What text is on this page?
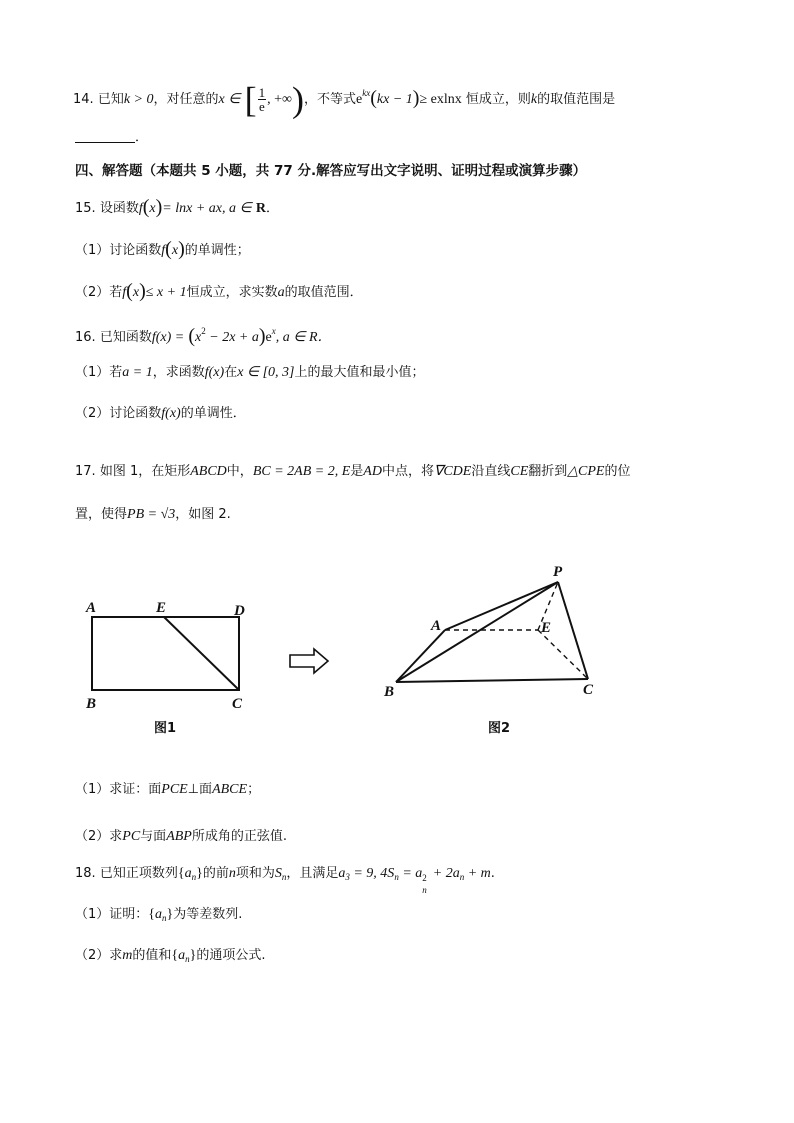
14. 已知k > 0，对任意的x ∈ [ $\frac{1}{e}$ , +∞)，不等式$e^{kx}(kx - 1)\ge exlnx$ 恒成立，则k的取值范围是
．
四、解答题（本题共 5 小题，共 77 分.解答应写出文字说明、证明过程或演算步骤）
15. 设函数f(x)= lnx + ax, a ∈ R．
（1）讨论函数f(x)的单调性；
（2）若f(x)≤ x + 1恒成立，求实数a的取值范围．
16. 已知函数$f(x) = (x^2 - 2x + a)e^x$, a ∈ R．
（1）若a = 1，求函数f(x)在x ∈ [0, 3]上的最大值和最小值；
（2）讨论函数f(x)的单调性．
17. 如图 1，在矩形ABCD中，BC = 2AB = 2, E是AD中点，将∇CDE沿直线CE翻折到△CPE的位
置，使得PB = √3，如图 2.
A	E	D
B	C
图1
P
A	E
B	C
图2
（1）求证：面PCE⊥面ABCE；
（2）求PC与面ABP所成角的正弦值.
18. 已知正项数列$\{a_n\}$的前n项和为$S_n$，且满足$a_3 = 9$, $4S_n = a$ 2
n
+ $2a_n + m$.
（1）证明：$\{a_n\}$为等差数列.
（2）求m的值和$\{a_n\}$的通项公式.
